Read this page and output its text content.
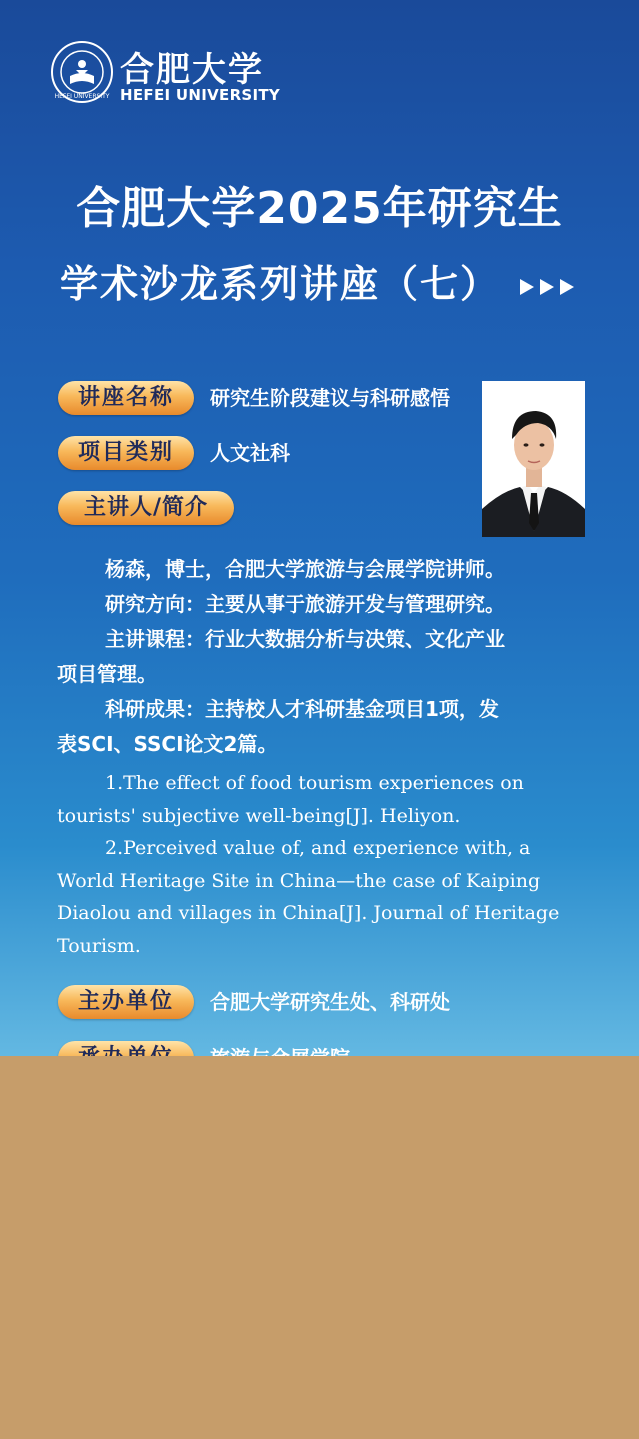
HEFEI UNIVERSITY
合肥大学
HEFEI UNIVERSITY
合肥大学2025年研究生
学术沙龙系列讲座（七）
讲座名称	研究生阶段建议与科研感悟
项目类别	人文社科
主讲人/简介

杨森，博士，合肥大学旅游与会展学院讲师。

研究方向：主要从事于旅游开发与管理研究。

主讲课程：行业大数据分析与决策、文化产业

项目管理。

科研成果：主持校人才科研基金项目1项，发

表SCI、SSCI论文2篇。

1.The effect of food tourism experiences on

tourists' subjective well-being[J]. Heliyon.

2.Perceived value of, and experience with, a

World Heritage Site in China—the case of Kaiping

Diaolou and villages in China[J]. Journal of Heritage

Tourism.

主办单位	合肥大学研究生处、科研处
